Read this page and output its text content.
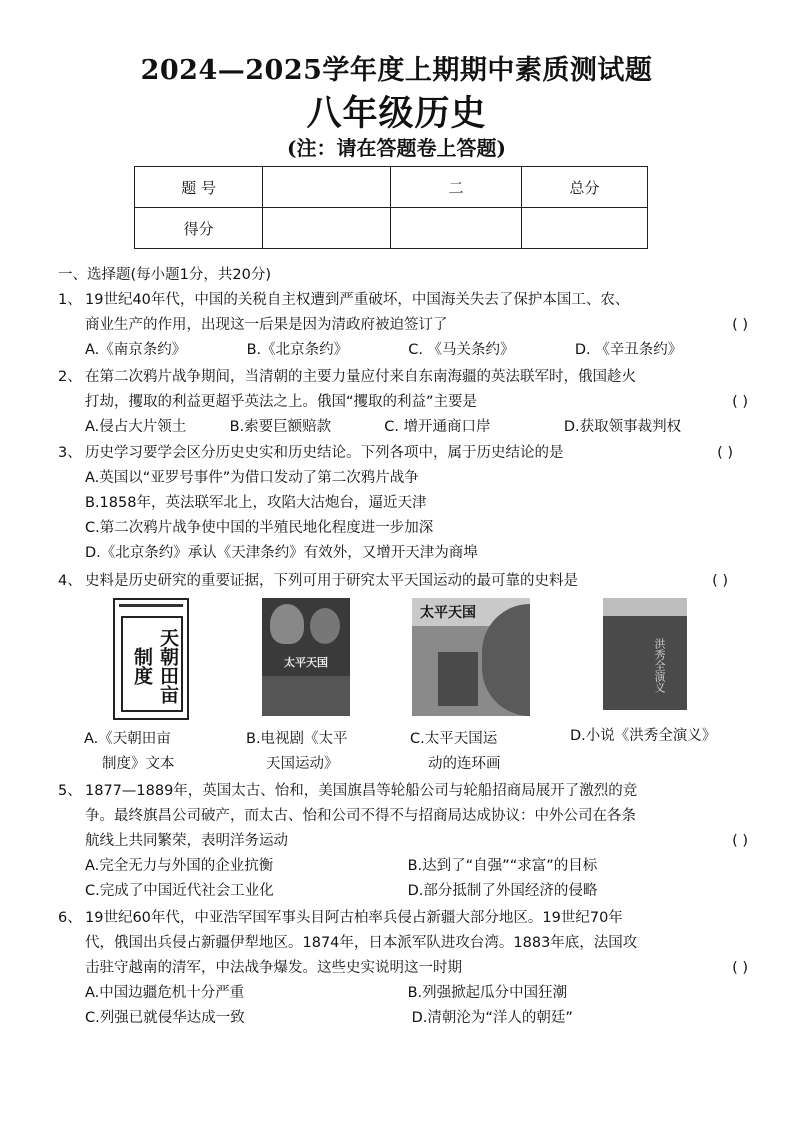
2024—2025学年度上期期中素质测试题
八年级历史
(注：请在答题卷上答题)
题 号		二	总分
得分			
一、选择题(每小题1分，共20分)
1、 19世纪40年代，中国的关税自主权遭到严重破坏，中国海关失去了保护本国工、农、
商业生产的作用，出现这一后果是因为清政府被迫签订了	( )
A.《南京条约》	B.《北京条约》	C. 《马关条约》	D. 《辛丑条约》
2、 在第二次鸦片战争期间，当清朝的主要力量应付来自东南海疆的英法联军时，俄国趁火
打劫，攫取的利益更超乎英法之上。俄国“攫取的利益”主要是	( )
A.侵占大片领土	B.索要巨额赔款	C. 增开通商口岸	D.获取领事裁判权
3、 历史学习要学会区分历史史实和历史结论。下列各项中，属于历史结论的是	( )
A.英国以“亚罗号事件”为借口发动了第二次鸦片战争
B.1858年，英法联军北上，攻陷大沽炮台，逼近天津
C.第二次鸦片战争使中国的半殖民地化程度进一步加深
D.《北京条约》承认《天津条约》有效外，又增开天津为商埠
4、 史料是历史研究的重要证据，下列可用于研究太平天国运动的最可靠的史料是	( )
天朝田亩制度	太平天国
太平天国
洪秀全演义
A.《天朝田亩
制度》文本
B.电视剧《太平
天国运动》
C.太平天国运
动的连环画
D.小说《洪秀全演义》
5、 1877—1889年，英国太古、怡和，美国旗昌等轮船公司与轮船招商局展开了激烈的竞
争。最终旗昌公司破产，而太古、怡和公司不得不与招商局达成协议：中外公司在各条
航线上共同繁荣，表明洋务运动	( )
A.完全无力与外国的企业抗衡	B.达到了“自强”“求富”的目标
C.完成了中国近代社会工业化	D.部分抵制了外国经济的侵略
6、 19世纪60年代，中亚浩罕国军事头目阿古柏率兵侵占新疆大部分地区。19世纪70年
代，俄国出兵侵占新疆伊犁地区。1874年，日本派军队进攻台湾。1883年底，法国攻
击驻守越南的清军，中法战争爆发。这些史实说明这一时期	( )
A.中国边疆危机十分严重	B.列强掀起瓜分中国狂潮
C.列强已就侵华达成一致	D.清朝沦为“洋人的朝廷”
